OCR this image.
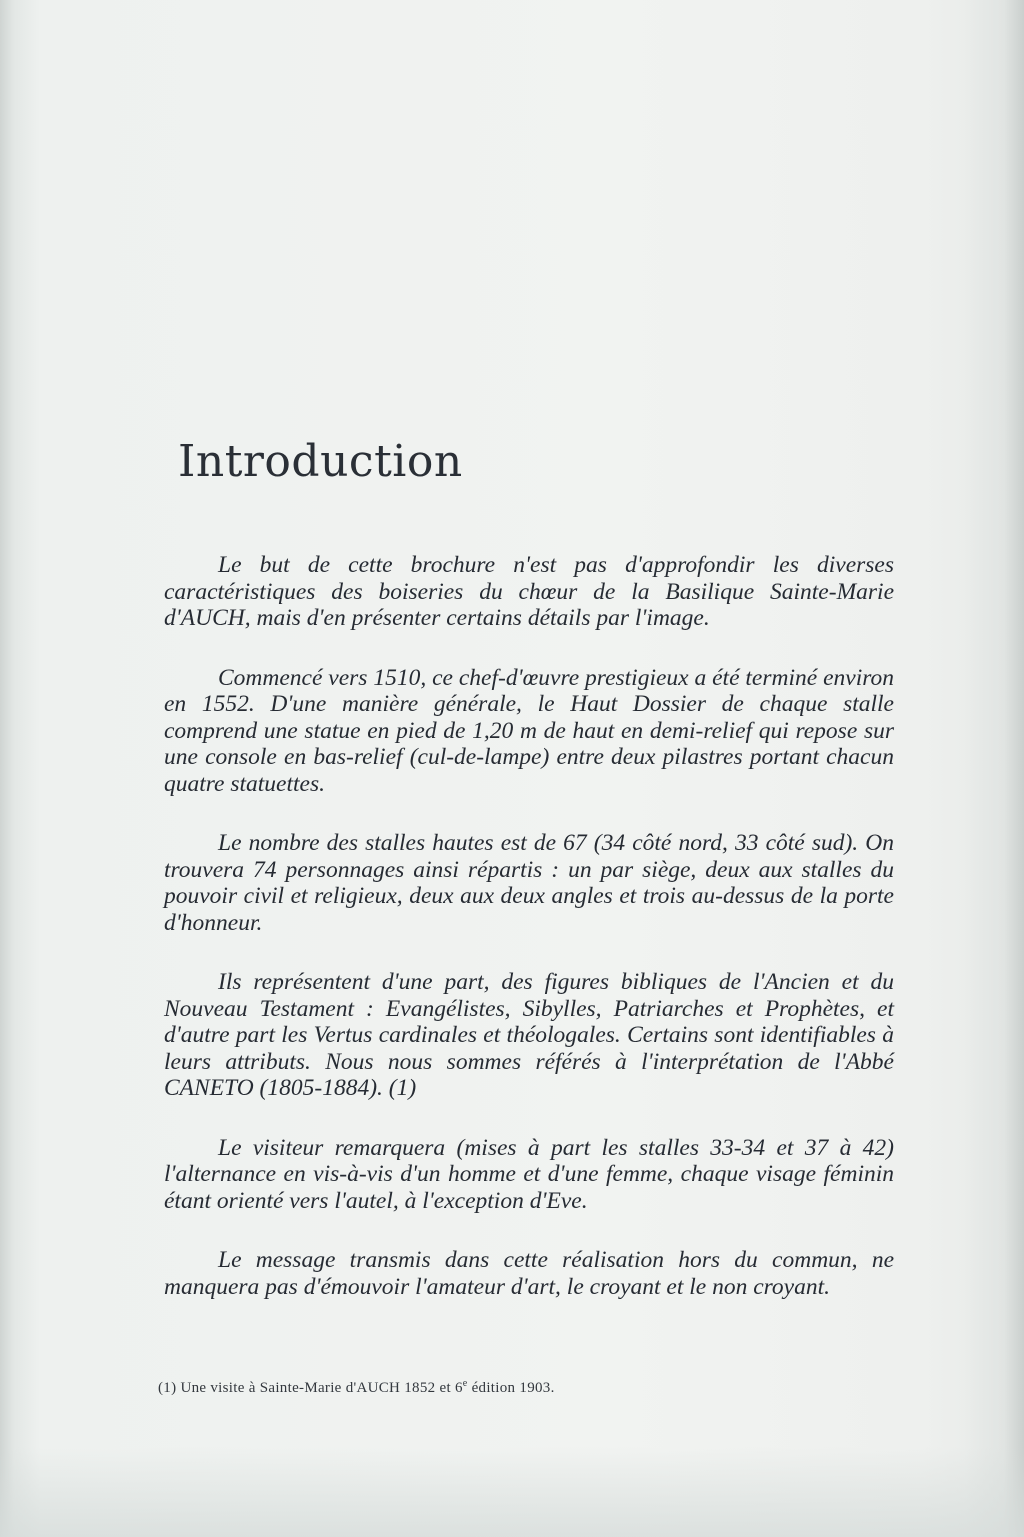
Introduction

Le but de cette brochure n'est pas d'approfondir les diverses caractéristiques des boiseries du chœur de la Basilique Sainte-Marie d'AUCH, mais d'en présenter certains détails par l'image.

Commencé vers 1510, ce chef-d'œuvre prestigieux a été terminé environ en 1552. D'une manière générale, le Haut Dossier de chaque stalle comprend une statue en pied de 1,20 m de haut en demi-relief qui repose sur une console en bas-relief (cul-de-lampe) entre deux pilastres portant chacun quatre statuettes.

Le nombre des stalles hautes est de 67 (34 côté nord, 33 côté sud). On trouvera 74 personnages ainsi répartis : un par siège, deux aux stalles du pouvoir civil et religieux, deux aux deux angles et trois au-dessus de la porte d'honneur.

Ils représentent d'une part, des figures bibliques de l'Ancien et du Nouveau Testament : Evangélistes, Sibylles, Patriarches et Prophètes, et d'autre part les Vertus cardinales et théologales. Certains sont identifiables à leurs attributs. Nous nous sommes référés à l'interprétation de l'Abbé CANETO (1805-1884). (1)

Le visiteur remarquera (mises à part les stalles 33-34 et 37 à 42) l'alternance en vis-à-vis d'un homme et d'une femme, chaque visage féminin étant orienté vers l'autel, à l'exception d'Eve.

Le message transmis dans cette réalisation hors du commun, ne manquera pas d'émouvoir l'amateur d'art, le croyant et le non croyant.

(1) Une visite à Sainte-Marie d'AUCH 1852 et 6e édition 1903.
